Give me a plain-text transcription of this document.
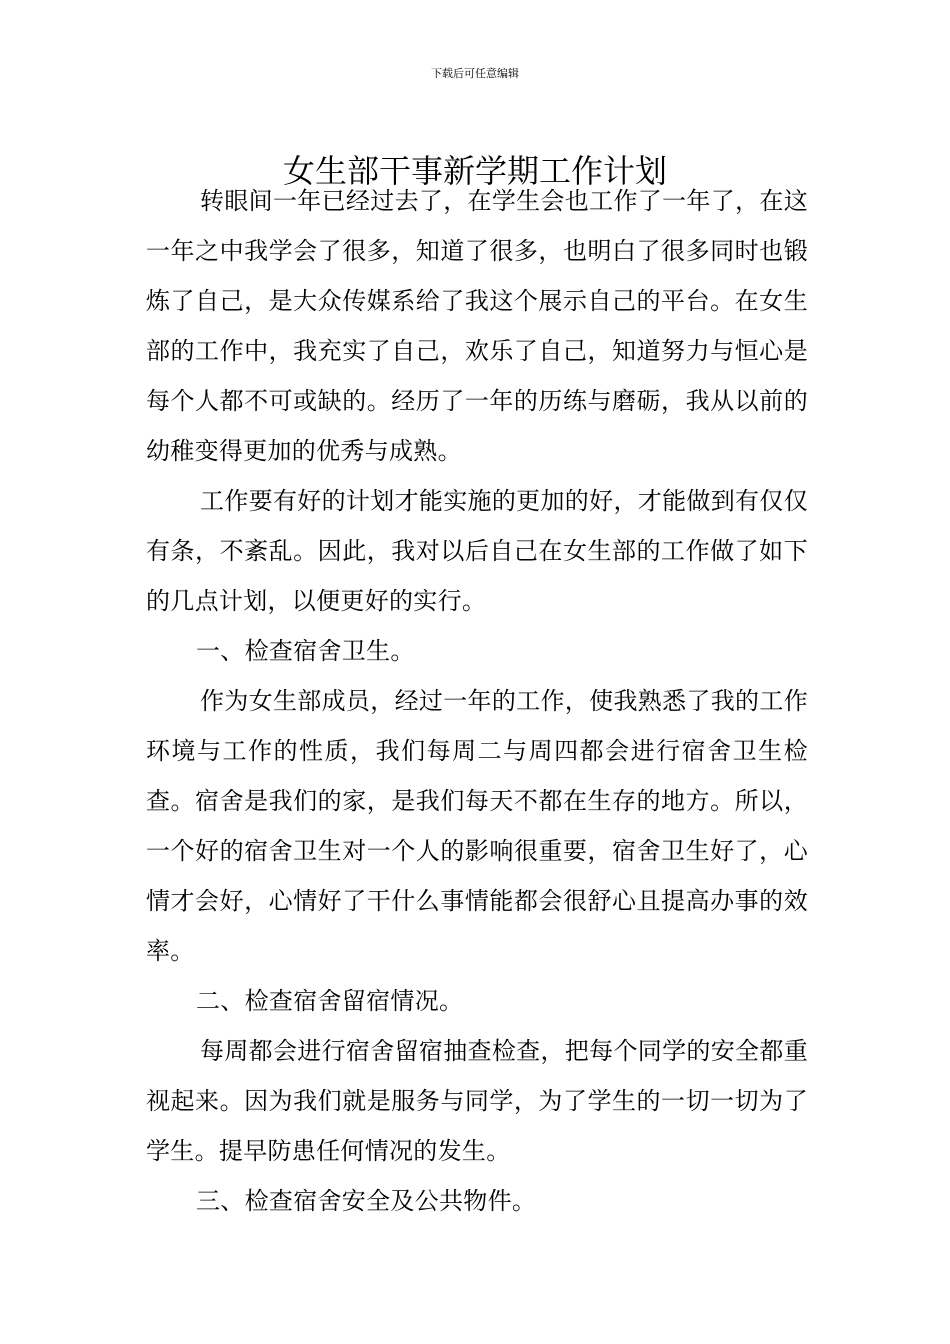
下载后可任意编辑
女生部干事新学期工作计划

转眼间一年已经过去了，在学生会也工作了一年了，在这一年之中我学会了很多，知道了很多，也明白了很多同时也锻炼了自己，是大众传媒系给了我这个展示自己的平台。在女生部的工作中，我充实了自己，欢乐了自己，知道努力与恒心是每个人都不可或缺的。经历了一年的历练与磨砺，我从以前的幼稚变得更加的优秀与成熟。

工作要有好的计划才能实施的更加的好，才能做到有仅仅有条，不紊乱。因此，我对以后自己在女生部的工作做了如下的几点计划，以便更好的实行。

一、检查宿舍卫生。

作为女生部成员，经过一年的工作，使我熟悉了我的工作环境与工作的性质，我们每周二与周四都会进行宿舍卫生检查。宿舍是我们的家，是我们每天不都在生存的地方。所以，一个好的宿舍卫生对一个人的影响很重要，宿舍卫生好了，心情才会好，心情好了干什么事情能都会很舒心且提高办事的效率。

二、检查宿舍留宿情况。

每周都会进行宿舍留宿抽查检查，把每个同学的安全都重视起来。因为我们就是服务与同学，为了学生的一切一切为了学生。提早防患任何情况的发生。

三、检查宿舍安全及公共物件。
